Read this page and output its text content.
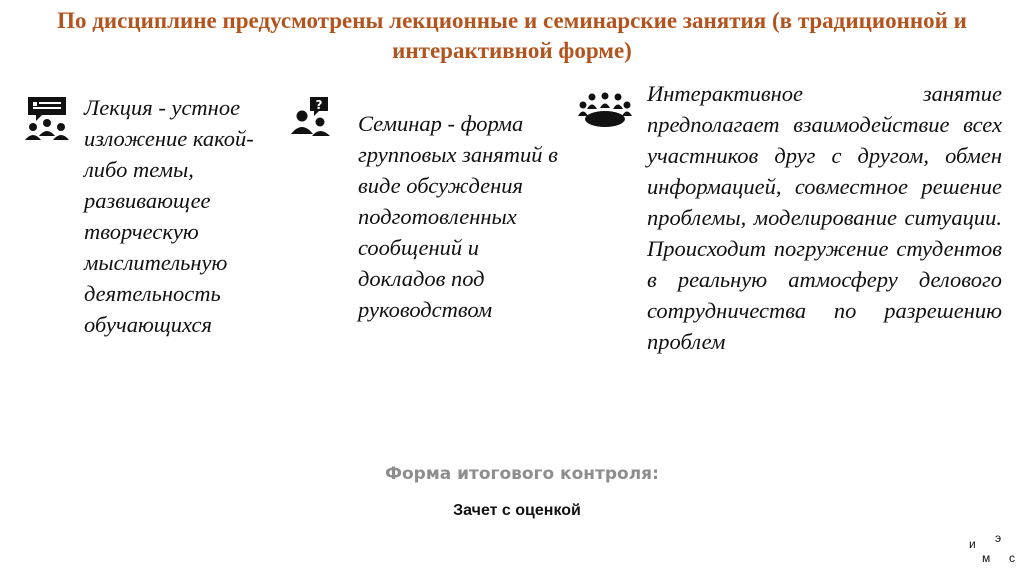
По дисциплине предусмотрены лекционные и семинарские занятия (в традиционной и интерактивной форме)
?
Лекция - устное изложение какой-либо темы, развивающее творческую мыслительную деятельность обучающихся
Семинар - форма групповых занятий в виде обсуждения подготовленных сообщений и докладов под руководством
Интерактивное занятие предполагает взаимодействие всех участников друг с другом, обмен информацией, совместное решение проблемы, моделирование ситуации. Происходит погружение студентов в реальную атмосферу делового сотрудничества по разрешению проблем
Форма итогового контроля:
Зачет с оценкой
и э
м с
